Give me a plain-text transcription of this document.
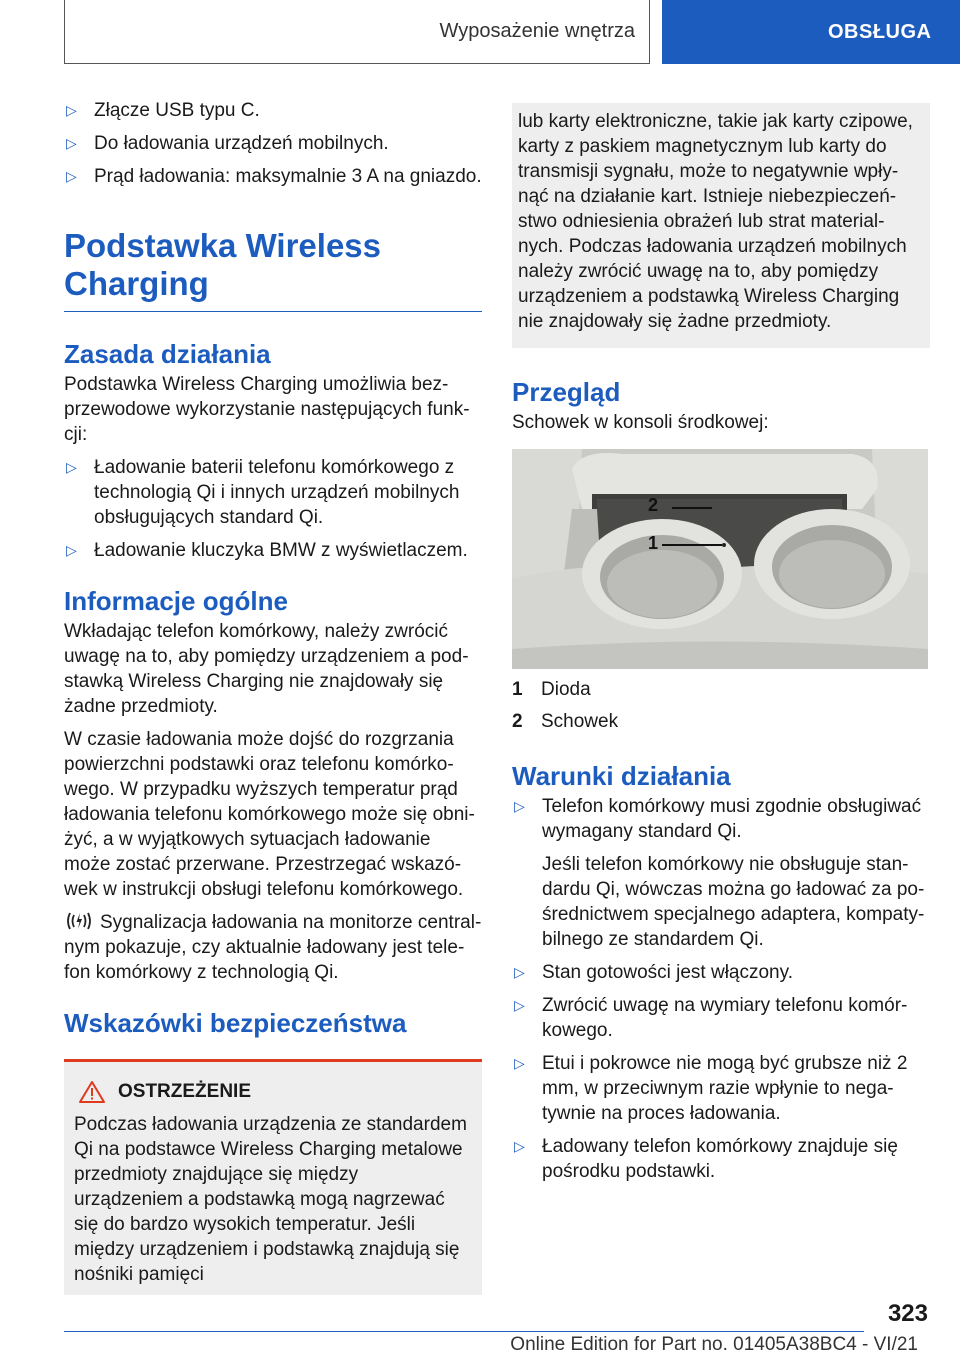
Wyposażenie wnętrza	OBSŁUGA
▷ Złącze USB typu C.
▷ Do ładowania urządzeń mobilnych.
▷ Prąd ładowania: maksymalnie 3 A na gniazdo.
Podstawka Wireless Charging
Zasada działania
Podstawka Wireless Charging umożliwia bezprzewodowe wykorzystanie następujących funkcji:
▷ Ładowanie baterii telefonu komórkowego z technologią Qi i innych urządzeń mobilnych obsługujących standard Qi.
▷ Ładowanie kluczyka BMW z wyświetlaczem.
Informacje ogólne
Wkładając telefon komórkowy, należy zwrócić uwagę na to, aby pomiędzy urządzeniem a podstawką Wireless Charging nie znajdowały się żadne przedmioty.
W czasie ładowania może dojść do rozgrzania powierzchni podstawki oraz telefonu komórkowego. W przypadku wyższych temperatur prąd ładowania telefonu komórkowego może się obniżyć, a w wyjątkowych sytuacjach ładowanie może zostać przerwane. Przestrzegać wskazówek w instrukcji obsługi telefonu komórkowego.
Sygnalizacja ładowania na monitorze centralnym pokazuje, czy aktualnie ładowany jest telefon komórkowy z technologią Qi.
Wskazówki bezpieczeństwa
OSTRZEŻENIE
Podczas ładowania urządzenia ze standardem Qi na podstawce Wireless Charging metalowe przedmioty znajdujące się między urządzeniem a podstawką mogą nagrzewać się do bardzo wysokich temperatur. Jeśli między urządzeniem i podstawką znajdują się nośniki pamięci
lub karty elektroniczne, takie jak karty czipowe, karty z paskiem magnetycznym lub karty do transmisji sygnału, może to negatywnie wpłynąć na działanie kart. Istnieje niebezpieczeństwo odniesienia obrażeń lub strat materialnych. Podczas ładowania urządzeń mobilnych należy zwrócić uwagę na to, aby pomiędzy urządzeniem a podstawką Wireless Charging nie znajdowały się żadne przedmioty.
Przegląd
Schowek w konsoli środkowej:
2
1
1 Dioda
2 Schowek
Warunki działania
▷ Telefon komórkowy musi zgodnie obsługiwać wymagany standard Qi.
Jeśli telefon komórkowy nie obsługuje standardu Qi, wówczas można go ładować za pośrednictwem specjalnego adaptera, kompatybilnego ze standardem Qi.
▷ Stan gotowości jest włączony.
▷ Zwrócić uwagę na wymiary telefonu komórkowego.
▷ Etui i pokrowce nie mogą być grubsze niż 2 mm, w przeciwnym razie wpłynie to negatywnie na proces ładowania.
▷ Ładowany telefon komórkowy znajduje się pośrodku podstawki.
323
Online Edition for Part no. 01405A38BC4 - VI/21
